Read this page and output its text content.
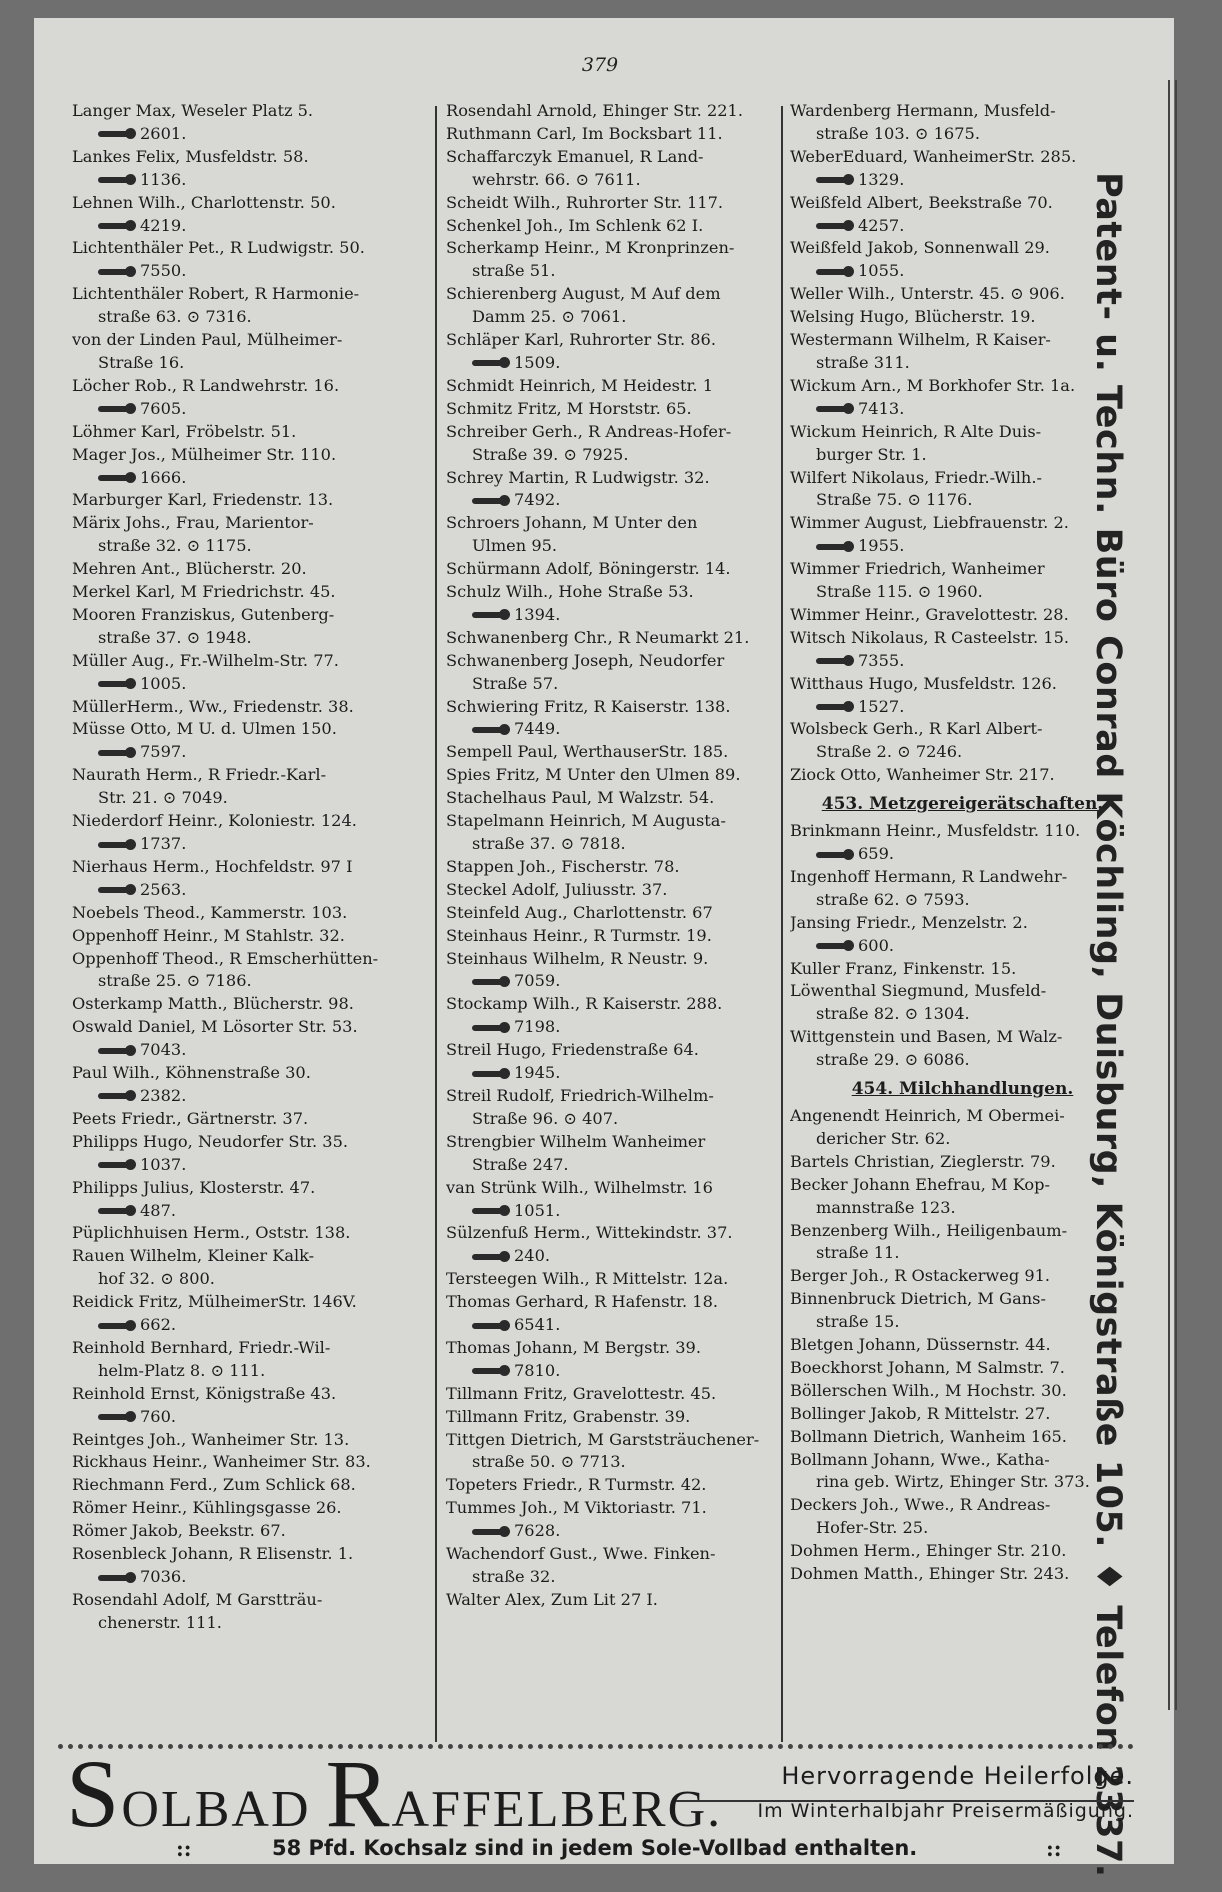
379
Langer Max, Weseler Platz 5.
2601.
Lankes Felix, Musfeldstr. 58.
1136.
Lehnen Wilh., Charlottenstr. 50.
4219.
Lichtenthäler Pet., R Ludwigstr. 50.
7550.
Lichtenthäler Robert, R Harmonie-
straße 63. ⊙ 7316.
von der Linden Paul, Mülheimer-
Straße 16.
Löcher Rob., R Landwehrstr. 16.
7605.
Löhmer Karl, Fröbelstr. 51.
Mager Jos., Mülheimer Str. 110.
1666.
Marburger Karl, Friedenstr. 13.
Märix Johs., Frau, Marientor-
straße 32. ⊙ 1175.
Mehren Ant., Blücherstr. 20.
Merkel Karl, M Friedrichstr. 45.
Mooren Franziskus, Gutenberg-
straße 37. ⊙ 1948.
Müller Aug., Fr.-Wilhelm-Str. 77.
1005.
MüllerHerm., Ww., Friedenstr. 38.
Müsse Otto, M U. d. Ulmen 150.
7597.
Naurath Herm., R Friedr.-Karl-
Str. 21. ⊙ 7049.
Niederdorf Heinr., Koloniestr. 124.
1737.
Nierhaus Herm., Hochfeldstr. 97 I
2563.
Noebels Theod., Kammerstr. 103.
Oppenhoff Heinr., M Stahlstr. 32.
Oppenhoff Theod., R Emscherhütten-
straße 25. ⊙ 7186.
Osterkamp Matth., Blücherstr. 98.
Oswald Daniel, M Lösorter Str. 53.
7043.
Paul Wilh., Köhnenstraße 30.
2382.
Peets Friedr., Gärtnerstr. 37.
Philipps Hugo, Neudorfer Str. 35.
1037.
Philipps Julius, Klosterstr. 47.
487.
Püplichhuisen Herm., Oststr. 138.
Rauen Wilhelm, Kleiner Kalk-
hof 32. ⊙ 800.
Reidick Fritz, MülheimerStr. 146V.
662.
Reinhold Bernhard, Friedr.-Wil-
helm-Platz 8. ⊙ 111.
Reinhold Ernst, Königstraße 43.
760.
Reintges Joh., Wanheimer Str. 13.
Rickhaus Heinr., Wanheimer Str. 83.
Riechmann Ferd., Zum Schlick 68.
Römer Heinr., Kühlingsgasse 26.
Römer Jakob, Beekstr. 67.
Rosenbleck Johann, R Elisenstr. 1.
7036.
Rosendahl Adolf, M Garstträu-
chenerstr. 111.
Rosendahl Arnold, Ehinger Str. 221.
Ruthmann Carl, Im Bocksbart 11.
Schaffarczyk Emanuel, R Land-
wehrstr. 66. ⊙ 7611.
Scheidt Wilh., Ruhrorter Str. 117.
Schenkel Joh., Im Schlenk 62 I.
Scherkamp Heinr., M Kronprinzen-
straße 51.
Schierenberg August, M Auf dem
Damm 25. ⊙ 7061.
Schläper Karl, Ruhrorter Str. 86.
1509.
Schmidt Heinrich, M Heidestr. 1
Schmitz Fritz, M Horststr. 65.
Schreiber Gerh., R Andreas-Hofer-
Straße 39. ⊙ 7925.
Schrey Martin, R Ludwigstr. 32.
7492.
Schroers Johann, M Unter den
Ulmen 95.
Schürmann Adolf, Böningerstr. 14.
Schulz Wilh., Hohe Straße 53.
1394.
Schwanenberg Chr., R Neumarkt 21.
Schwanenberg Joseph, Neudorfer
Straße 57.
Schwiering Fritz, R Kaiserstr. 138.
7449.
Sempell Paul, WerthauserStr. 185.
Spies Fritz, M Unter den Ulmen 89.
Stachelhaus Paul, M Walzstr. 54.
Stapelmann Heinrich, M Augusta-
straße 37. ⊙ 7818.
Stappen Joh., Fischerstr. 78.
Steckel Adolf, Juliusstr. 37.
Steinfeld Aug., Charlottenstr. 67
Steinhaus Heinr., R Turmstr. 19.
Steinhaus Wilhelm, R Neustr. 9.
7059.
Stockamp Wilh., R Kaiserstr. 288.
7198.
Streil Hugo, Friedenstraße 64.
1945.
Streil Rudolf, Friedrich-Wilhelm-
Straße 96. ⊙ 407.
Strengbier Wilhelm Wanheimer
Straße 247.
van Strünk Wilh., Wilhelmstr. 16
1051.
Sülzenfuß Herm., Wittekindstr. 37.
240.
Tersteegen Wilh., R Mittelstr. 12a.
Thomas Gerhard, R Hafenstr. 18.
6541.
Thomas Johann, M Bergstr. 39.
7810.
Tillmann Fritz, Gravelottestr. 45.
Tillmann Fritz, Grabenstr. 39.
Tittgen Dietrich, M Garststräuchener-
straße 50. ⊙ 7713.
Topeters Friedr., R Turmstr. 42.
Tummes Joh., M Viktoriastr. 71.
7628.
Wachendorf Gust., Wwe. Finken-
straße 32.
Walter Alex, Zum Lit 27 I.
Wardenberg Hermann, Musfeld-
straße 103. ⊙ 1675.
WeberEduard, WanheimerStr. 285.
1329.
Weißfeld Albert, Beekstraße 70.
4257.
Weißfeld Jakob, Sonnenwall 29.
1055.
Weller Wilh., Unterstr. 45. ⊙ 906.
Welsing Hugo, Blücherstr. 19.
Westermann Wilhelm, R Kaiser-
straße 311.
Wickum Arn., M Borkhofer Str. 1a.
7413.
Wickum Heinrich, R Alte Duis-
burger Str. 1.
Wilfert Nikolaus, Friedr.-Wilh.-
Straße 75. ⊙ 1176.
Wimmer August, Liebfrauenstr. 2.
1955.
Wimmer Friedrich, Wanheimer
Straße 115. ⊙ 1960.
Wimmer Heinr., Gravelottestr. 28.
Witsch Nikolaus, R Casteelstr. 15.
7355.
Witthaus Hugo, Musfeldstr. 126.
1527.
Wolsbeck Gerh., R Karl Albert-
Straße 2. ⊙ 7246.
Ziock Otto, Wanheimer Str. 217.
453. Metzgereigerätschaften.
Brinkmann Heinr., Musfeldstr. 110.
659.
Ingenhoff Hermann, R Landwehr-
straße 62. ⊙ 7593.
Jansing Friedr., Menzelstr. 2.
600.
Kuller Franz, Finkenstr. 15.
Löwenthal Siegmund, Musfeld-
straße 82. ⊙ 1304.
Wittgenstein und Basen, M Walz-
straße 29. ⊙ 6086.
454. Milchhandlungen.
Angenendt Heinrich, M Obermei-
dericher Str. 62.
Bartels Christian, Zieglerstr. 79.
Becker Johann Ehefrau, M Kop-
mannstraße 123.
Benzenberg Wilh., Heiligenbaum-
straße 11.
Berger Joh., R Ostackerweg 91.
Binnenbruck Dietrich, M Gans-
straße 15.
Bletgen Johann, Düssernstr. 44.
Boeckhorst Johann, M Salmstr. 7.
Böllerschen Wilh., M Hochstr. 30.
Bollinger Jakob, R Mittelstr. 27.
Bollmann Dietrich, Wanheim 165.
Bollmann Johann, Wwe., Katha-
rina geb. Wirtz, Ehinger Str. 373.
Deckers Joh., Wwe., R Andreas-
Hofer-Str. 25.
Dohmen Herm., Ehinger Str. 210.
Dohmen Matth., Ehinger Str. 243. Patent- u. Techn. Büro Conrad Köchling, Duisburg, Königstraße 105. ♦ Telefon 2337.
SOLBAD RAFFELBERG.
Hervorragende Heilerfolge.
Im Winterhalbjahr Preisermäßigung.
::	58 Pfd. Kochsalz sind in jedem Sole-Vollbad enthalten.	::
